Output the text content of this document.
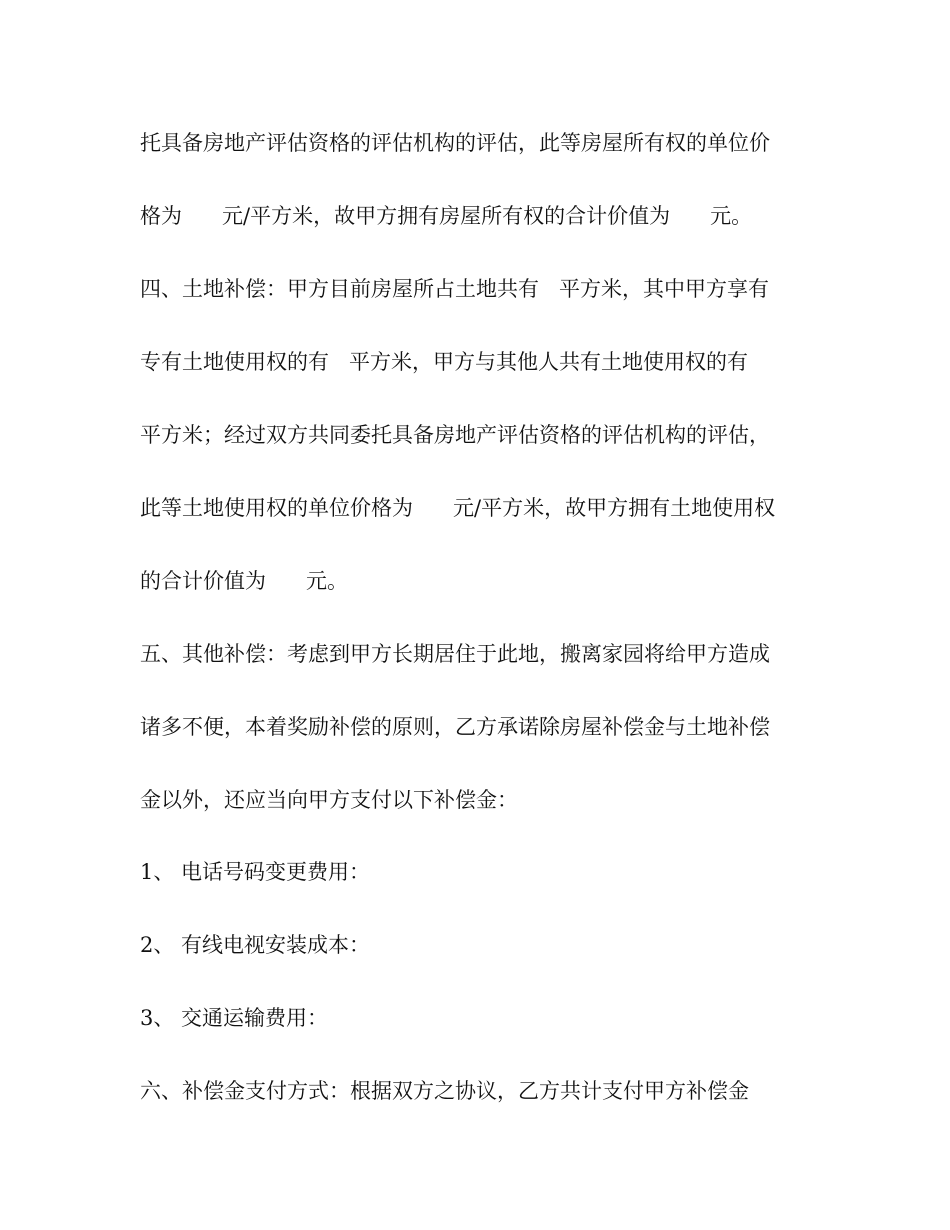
托具备房地产评估资格的评估机构的评估，此等房屋所有权的单位价
格为      元/平方米，故甲方拥有房屋所有权的合计价值为      元。
四、土地补偿：甲方目前房屋所占土地共有   平方米，其中甲方享有
专有土地使用权的有   平方米，甲方与其他人共有土地使用权的有
平方米；经过双方共同委托具备房地产评估资格的评估机构的评估，
此等土地使用权的单位价格为      元/平方米，故甲方拥有土地使用权
的合计价值为      元。
五、其他补偿：考虑到甲方长期居住于此地，搬离家园将给甲方造成
诸多不便，本着奖励补偿的原则，乙方承诺除房屋补偿金与土地补偿
金以外，还应当向甲方支付以下补偿金：
1、 电话号码变更费用：
2、 有线电视安装成本：
3、 交通运输费用：
六、补偿金支付方式：根据双方之协议，乙方共计支付甲方补偿金
